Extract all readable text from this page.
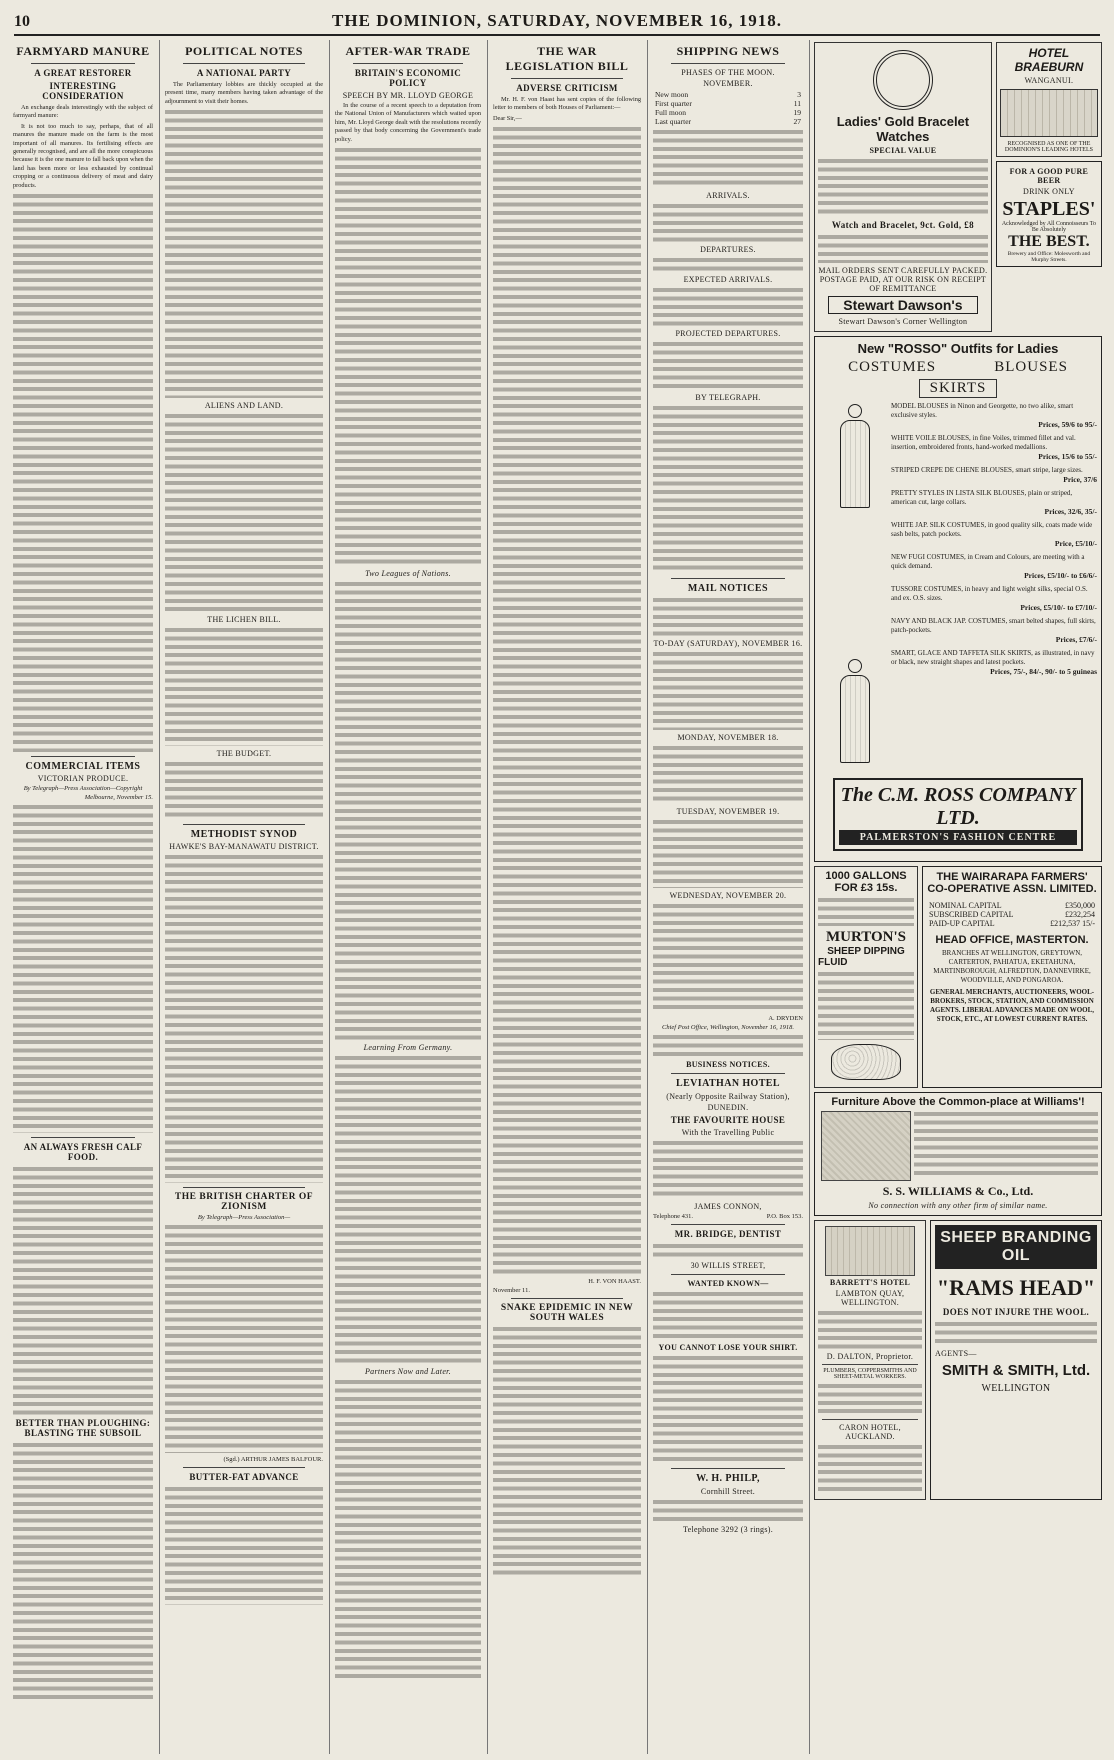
10	THE DOMINION, SATURDAY, NOVEMBER 16, 1918.
FARMYARD MANURE
A GREAT RESTORER
INTERESTING CONSIDERATION

An exchange deals interestingly with the subject of farmyard manure:

It is not too much to say, perhaps, that of all manures the manure made on the farm is the most important of all manures. Its fertilising effects are generally recognised, and are all the more conspicuous because it is the one manure to fall back upon when the land has been more or less exhausted by continual cropping or a continuous delivery of meat and dairy products.

COMMERCIAL ITEMS
VICTORIAN PRODUCE.
By Telegraph—Press Association—Copyright
Melbourne, November 15.
AN ALWAYS FRESH CALF FOOD.
BETTER THAN PLOUGHING: BLASTING THE SUBSOIL
POLITICAL NOTES
A NATIONAL PARTY

The Parliamentary lobbies are thickly occupied at the present time, many members having taken advantage of the adjournment to visit their homes.

ALIENS AND LAND.
THE LICHEN BILL.
THE BUDGET.
METHODIST SYNOD
HAWKE'S BAY-MANAWATU DISTRICT.
THE BRITISH CHARTER OF ZIONISM
By Telegraph—Press Association—
(Sgd.) ARTHUR JAMES BALFOUR.
BUTTER-FAT ADVANCE
AFTER-WAR TRADE
BRITAIN'S ECONOMIC POLICY
SPEECH BY MR. LLOYD GEORGE

In the course of a recent speech to a deputation from the National Union of Manufacturers which waited upon him, Mr. Lloyd George dealt with the resolutions recently passed by that body concerning the Government's trade policy.

Two Leagues of Nations.
Learning From Germany.
Partners Now and Later.
THE WAR LEGISLATION BILL
ADVERSE CRITICISM

Mr. H. F. von Haast has sent copies of the following letter to members of both Houses of Parliament:—

Dear Sir,—

H. F. VON HAAST.
November 11.
SNAKE EPIDEMIC IN NEW SOUTH WALES
SHIPPING NEWS
PHASES OF THE MOON.
NOVEMBER.
New moon	3
First quarter	11
Full moon	19
Last quarter	27
ARRIVALS.
DEPARTURES.
EXPECTED ARRIVALS.
PROJECTED DEPARTURES.
BY TELEGRAPH.
MAIL NOTICES
TO-DAY (SATURDAY), NOVEMBER 16.
MONDAY, NOVEMBER 18.
TUESDAY, NOVEMBER 19.
WEDNESDAY, NOVEMBER 20.
A. DRYDEN
Chief Post Office, Wellington, November 16, 1918.
BUSINESS NOTICES.
LEVIATHAN HOTEL
(Nearly Opposite Railway Station),
DUNEDIN.
THE FAVOURITE HOUSE
With the Travelling Public
JAMES CONNON,
Telephone 431.	P.O. Box 153.
MR. BRIDGE, DENTIST
30 WILLIS STREET,
WANTED KNOWN—
YOU CANNOT LOSE YOUR SHIRT.
W. H. PHILP,
Cornhill Street.
Telephone 3292 (3 rings).
Ladies' Gold Bracelet Watches
SPECIAL VALUE
Watch and Bracelet, 9ct. Gold, £8
MAIL ORDERS SENT CAREFULLY PACKED. POSTAGE PAID, AT OUR RISK ON RECEIPT OF REMITTANCE
Stewart Dawson's
Stewart Dawson's Corner Wellington
HOTEL BRAEBURN
WANGANUI.
RECOGNISED AS ONE OF THE DOMINION'S LEADING HOTELS
FOR A GOOD PURE BEER
DRINK ONLY
STAPLES'
Acknowledged by All Connoisseurs To Be Absolutely
THE BEST.
Brewery and Office: Molesworth and Murphy Streets.
New "ROSSO" Outfits for Ladies
COSTUMES	BLOUSES
SKIRTS

MODEL BLOUSES in Ninon and Georgette, no two alike, smart exclusive styles.
Prices, 59/6 to 95/-
WHITE VOILE BLOUSES, in fine Voiles, trimmed fillet and val. insertion, embroidered fronts, hand-worked medallions.
Prices, 15/6 to 55/-
STRIPED CREPE DE CHENE BLOUSES, smart stripe, large sizes.
Price, 37/6
PRETTY STYLES IN LISTA SILK BLOUSES, plain or striped, american cut, large collars.
Prices, 32/6, 35/-
WHITE JAP. SILK COSTUMES, in good quality silk, coats made wide sash belts, patch pockets.
Price, £5/10/-
NEW FUGI COSTUMES, in Cream and Colours, are meeting with a quick demand.
Prices, £5/10/- to £6/6/-
TUSSORE COSTUMES, in heavy and light weight silks, special O.S. and ex. O.S. sizes.
Prices, £5/10/- to £7/10/-
NAVY AND BLACK JAP. COSTUMES, smart belted shapes, full skirts, patch-pockets.
Prices, £7/6/-
SMART, GLACE AND TAFFETA SILK SKIRTS, as illustrated, in navy or black, new straight shapes and latest pockets.
Prices, 75/-, 84/-, 90/- to 5 guineas
The C.M. ROSS COMPANY LTD.
PALMERSTON'S FASHION CENTRE
1000 GALLONS FOR £3 15s.
MURTON'S
SHEEP DIPPING
FLUID
THE WAIRARAPA FARMERS' CO-OPERATIVE ASSN. LIMITED.
NOMINAL CAPITAL	£350,000
SUBSCRIBED CAPITAL	£232,254
PAID-UP CAPITAL	£212,537 15/-
HEAD OFFICE, MASTERTON.
BRANCHES AT WELLINGTON, GREYTOWN, CARTERTON, PAHIATUA, EKETAHUNA, MARTINBOROUGH, ALFREDTON, DANNEVIRKE, WOODVILLE, AND PONGAROA.
GENERAL MERCHANTS, AUCTIONEERS, WOOL-BROKERS, STOCK, STATION, AND COMMISSION AGENTS. LIBERAL ADVANCES MADE ON WOOL, STOCK, ETC., AT LOWEST CURRENT RATES.
Furniture Above the Common-place at Williams'!
S. S. WILLIAMS & Co., Ltd.
No connection with any other firm of similar name.
BARRETT'S HOTEL
LAMBTON QUAY, WELLINGTON.
D. DALTON, Proprietor.
PLUMBERS, COPPERSMITHS AND SHEET-METAL WORKERS.
CARON HOTEL, AUCKLAND.
SHEEP BRANDING OIL
"RAMS HEAD"
DOES NOT INJURE THE WOOL.
AGENTS—
SMITH & SMITH, Ltd.
WELLINGTON
